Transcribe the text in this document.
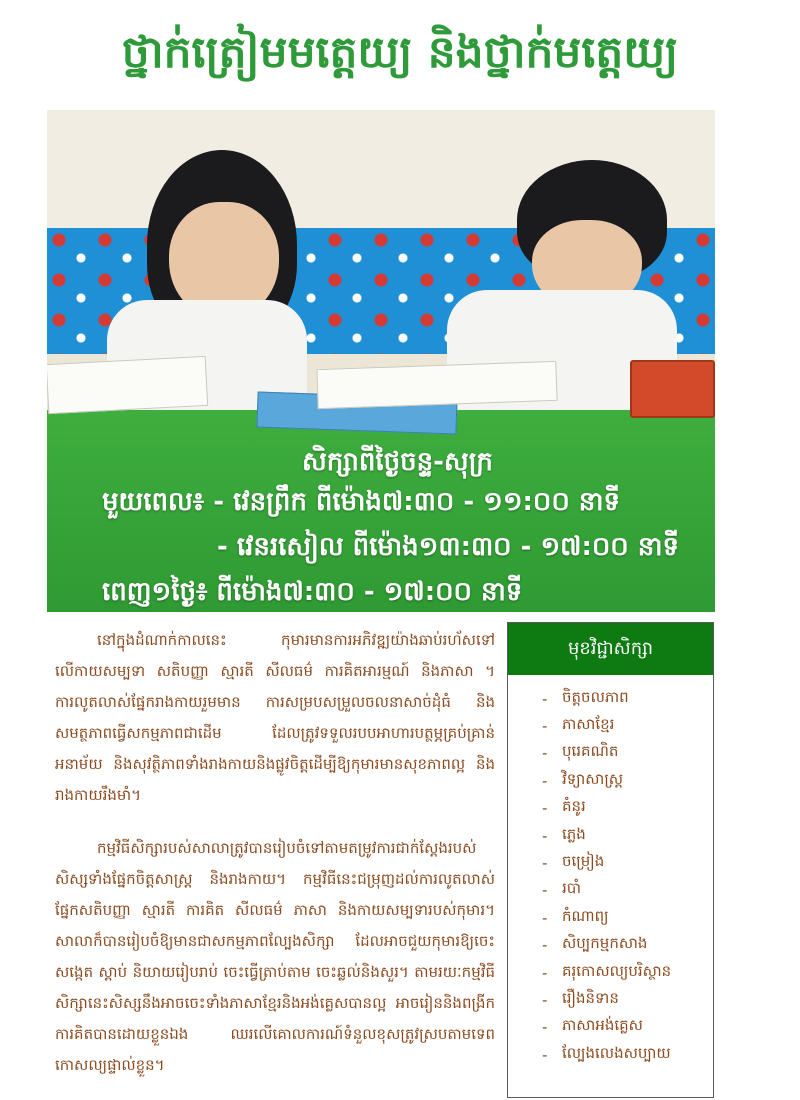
ថ្នាក់ត្រៀមមត្តេយ្យ និងថ្នាក់មត្តេយ្យ
សិក្សាពីថ្ងៃចន្ទ-សុក្រ
មួយពេល៖ - វេនព្រឹក ពីម៉ោង៧:៣០ - ១១:០០ នាទី
- វេនរសៀល ពីម៉ោង១៣:៣០ - ១៧:០០ នាទី
ពេញ១ថ្ងៃ៖ ពីម៉ោង៧:៣០ - ១៧:០០ នាទី

នៅក្នុងដំណាក់កាលនេះ កុមារមានការអភិវឌ្ឍយ៉ាងឆាប់រហ័សទៅលើកាយសម្បទា សតិបញ្ញា ស្មារតី សីលធម៌ ការគិតអារម្មណ៍ និងភាសា ។ ការលូតលាស់ផ្នែករាងកាយរួមមាន ការសម្របសម្រួលចលនាសាច់ដុំធំ និងសមត្ថភាពធ្វើសកម្មភាពជាដើម ដែលត្រូវទទួលរបបអាហារបត្ថម្ភគ្រប់គ្រាន់ អនាម័យ និងសុវត្ថិភាពទាំងរាងកាយនិងផ្លូវចិត្តដើម្បីឱ្យកុមារមានសុខភាពល្អ និងរាងកាយរឹងមាំ។

កម្មវិធីសិក្សារបស់សាលាត្រូវបានរៀបចំទៅតាមតម្រូវការជាក់ស្តែងរបស់សិស្សទាំងផ្នែកចិត្តសាស្រ្ត និងរាងកាយ។ កម្មវិធីនេះជម្រុញដល់ការលូតលាស់ផ្នែកសតិបញ្ញា ស្មារតី ការគិត សីលធម៌ ភាសា និងកាយសម្បទារបស់កុមារ។ សាលាក៏បានរៀបចំឱ្យមានជាសកម្មភាពល្បែងសិក្សា ដែលអាចជួយកុមារឱ្យចេះសង្កេត ស្តាប់ និយាយរៀបរាប់ ចេះធ្វើត្រាប់តាម ចេះឆ្លល់និងសួរ។ តាមរយៈកម្មវិធីសិក្សានេះសិស្សនឹងអាចចេះទាំងភាសាខ្មែរនិងអង់គ្លេសបានល្អ អាចរៀននិងពង្រីកការគិតបានដោយខ្លួនឯង ឈរលើគោលការណ៍ទំនួលខុសត្រូវស្របតាមទេពកោសល្យផ្ទាល់ខ្លួន។

មុខវិជ្ជាសិក្សា
- ចិត្តចលភាព
- ភាសាខ្មែរ
- បុរេគណិត
- វិទ្យាសាស្រ្ត
- គំនូរ
- ភ្លេង
- ចម្រៀង
- របាំ
- កំណាព្យ
- សិប្បកម្មកសាង
- គរុកោសល្យបរិស្ថាន
- រឿងនិទាន
- ភាសាអង់គ្លេស
- ល្បែងលេងសប្បាយ
